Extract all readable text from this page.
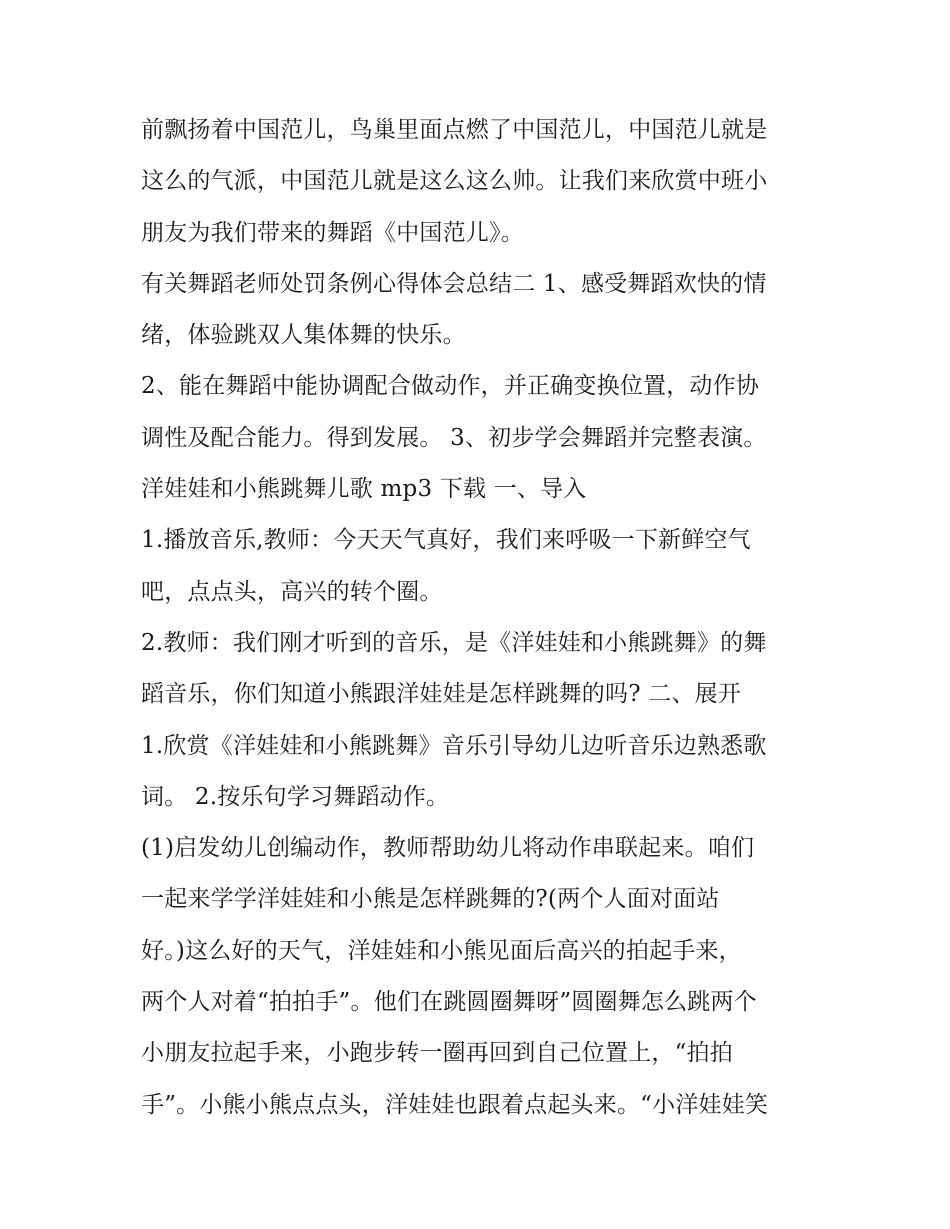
前飘扬着中国范儿，鸟巢里面点燃了中国范儿，中国范儿就是
这么的气派，中国范儿就是这么这么帅。让我们来欣赏中班小
朋友为我们带来的舞蹈《中国范儿》。
有关舞蹈老师处罚条例心得体会总结二 1、感受舞蹈欢快的情
绪，体验跳双人集体舞的快乐。
2、能在舞蹈中能协调配合做动作，并正确变换位置，动作协
调性及配合能力。得到发展。 3、初步学会舞蹈并完整表演。
洋娃娃和小熊跳舞儿歌 mp3 下载 一、导入
1.播放音乐,教师：今天天气真好，我们来呼吸一下新鲜空气
吧，点点头，高兴的转个圈。
2.教师：我们刚才听到的音乐，是《洋娃娃和小熊跳舞》的舞
蹈音乐，你们知道小熊跟洋娃娃是怎样跳舞的吗? 二、展开
1.欣赏《洋娃娃和小熊跳舞》音乐引导幼儿边听音乐边熟悉歌
词。 2.按乐句学习舞蹈动作。
(1)启发幼儿创编动作，教师帮助幼儿将动作串联起来。咱们
一起来学学洋娃娃和小熊是怎样跳舞的?(两个人面对面站
好。)这么好的天气，洋娃娃和小熊见面后高兴的拍起手来，
两个人对着“拍拍手”。他们在跳圆圈舞呀”圆圈舞怎么跳两个
小朋友拉起手来，小跑步转一圈再回到自己位置上，“拍拍
手”。小熊小熊点点头，洋娃娃也跟着点起头来。“小洋娃娃笑
